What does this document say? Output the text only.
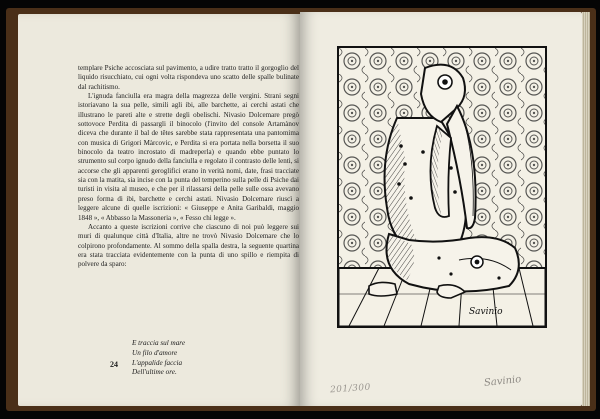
templare Psiche accosciata sul pavimento, a udire tratto tratto il gorgoglio del liquido risucchiato, cui ogni volta rispondeva uno scatto delle spalle bulinate dal rachitismo.

L'ignuda fanciulla era magra della magrezza delle vergini. Strani segni istoriavano la sua pelle, simili agli ibi, alle barchette, ai cerchi astati che illustrano le pareti alte e strette degli obelischi. Nivasio Dolcemare pregò sottovoce Perdita di passargli il binocolo (l'invito del console Artamànov diceva che durante il bal de têtes sarebbe stata rappresentata una pantomima con musica di Grigori Màrcovic, e Perdita si era portata nella borsetta il suo binocolo da teatro incrostato di madreperla) e quando ebbe puntato lo strumento sul corpo ignudo della fanciulla e regolato il contrasto delle lenti, si accorse che gli apparenti geroglifici erano in verità nomi, date, frasi tracciate sia con la matita, sia incise con la punta del temperino sulla pelle di Psiche dai turisti in visita al museo, e che per il rilassarsi della pelle sulle ossa avevano preso forma di ibi, barchette e cerchi astati. Nivasio Dolcemare riuscì a leggere alcune di quelle iscrizioni: « Giuseppe e Anita Garibaldi, maggio 1848 », « Abbasso la Massoneria », « Fesso chi legge ».

Accanto a queste iscrizioni corrive che ciascuno di noi può leggere sui muri di qualunque città d'Italia, altre ne trovò Nivasio Dolcemare che lo colpirono profondamente. Al sommo della spalla destra, la seguente quartina era stata tracciata evidentemente con la punta di uno spillo e riempita di polvere da sparo:

E traccia sul mare
Un filo d'amore
L'appalide faccia
Dell'ultime ore.
24
Savinio
201/300
Savinio
